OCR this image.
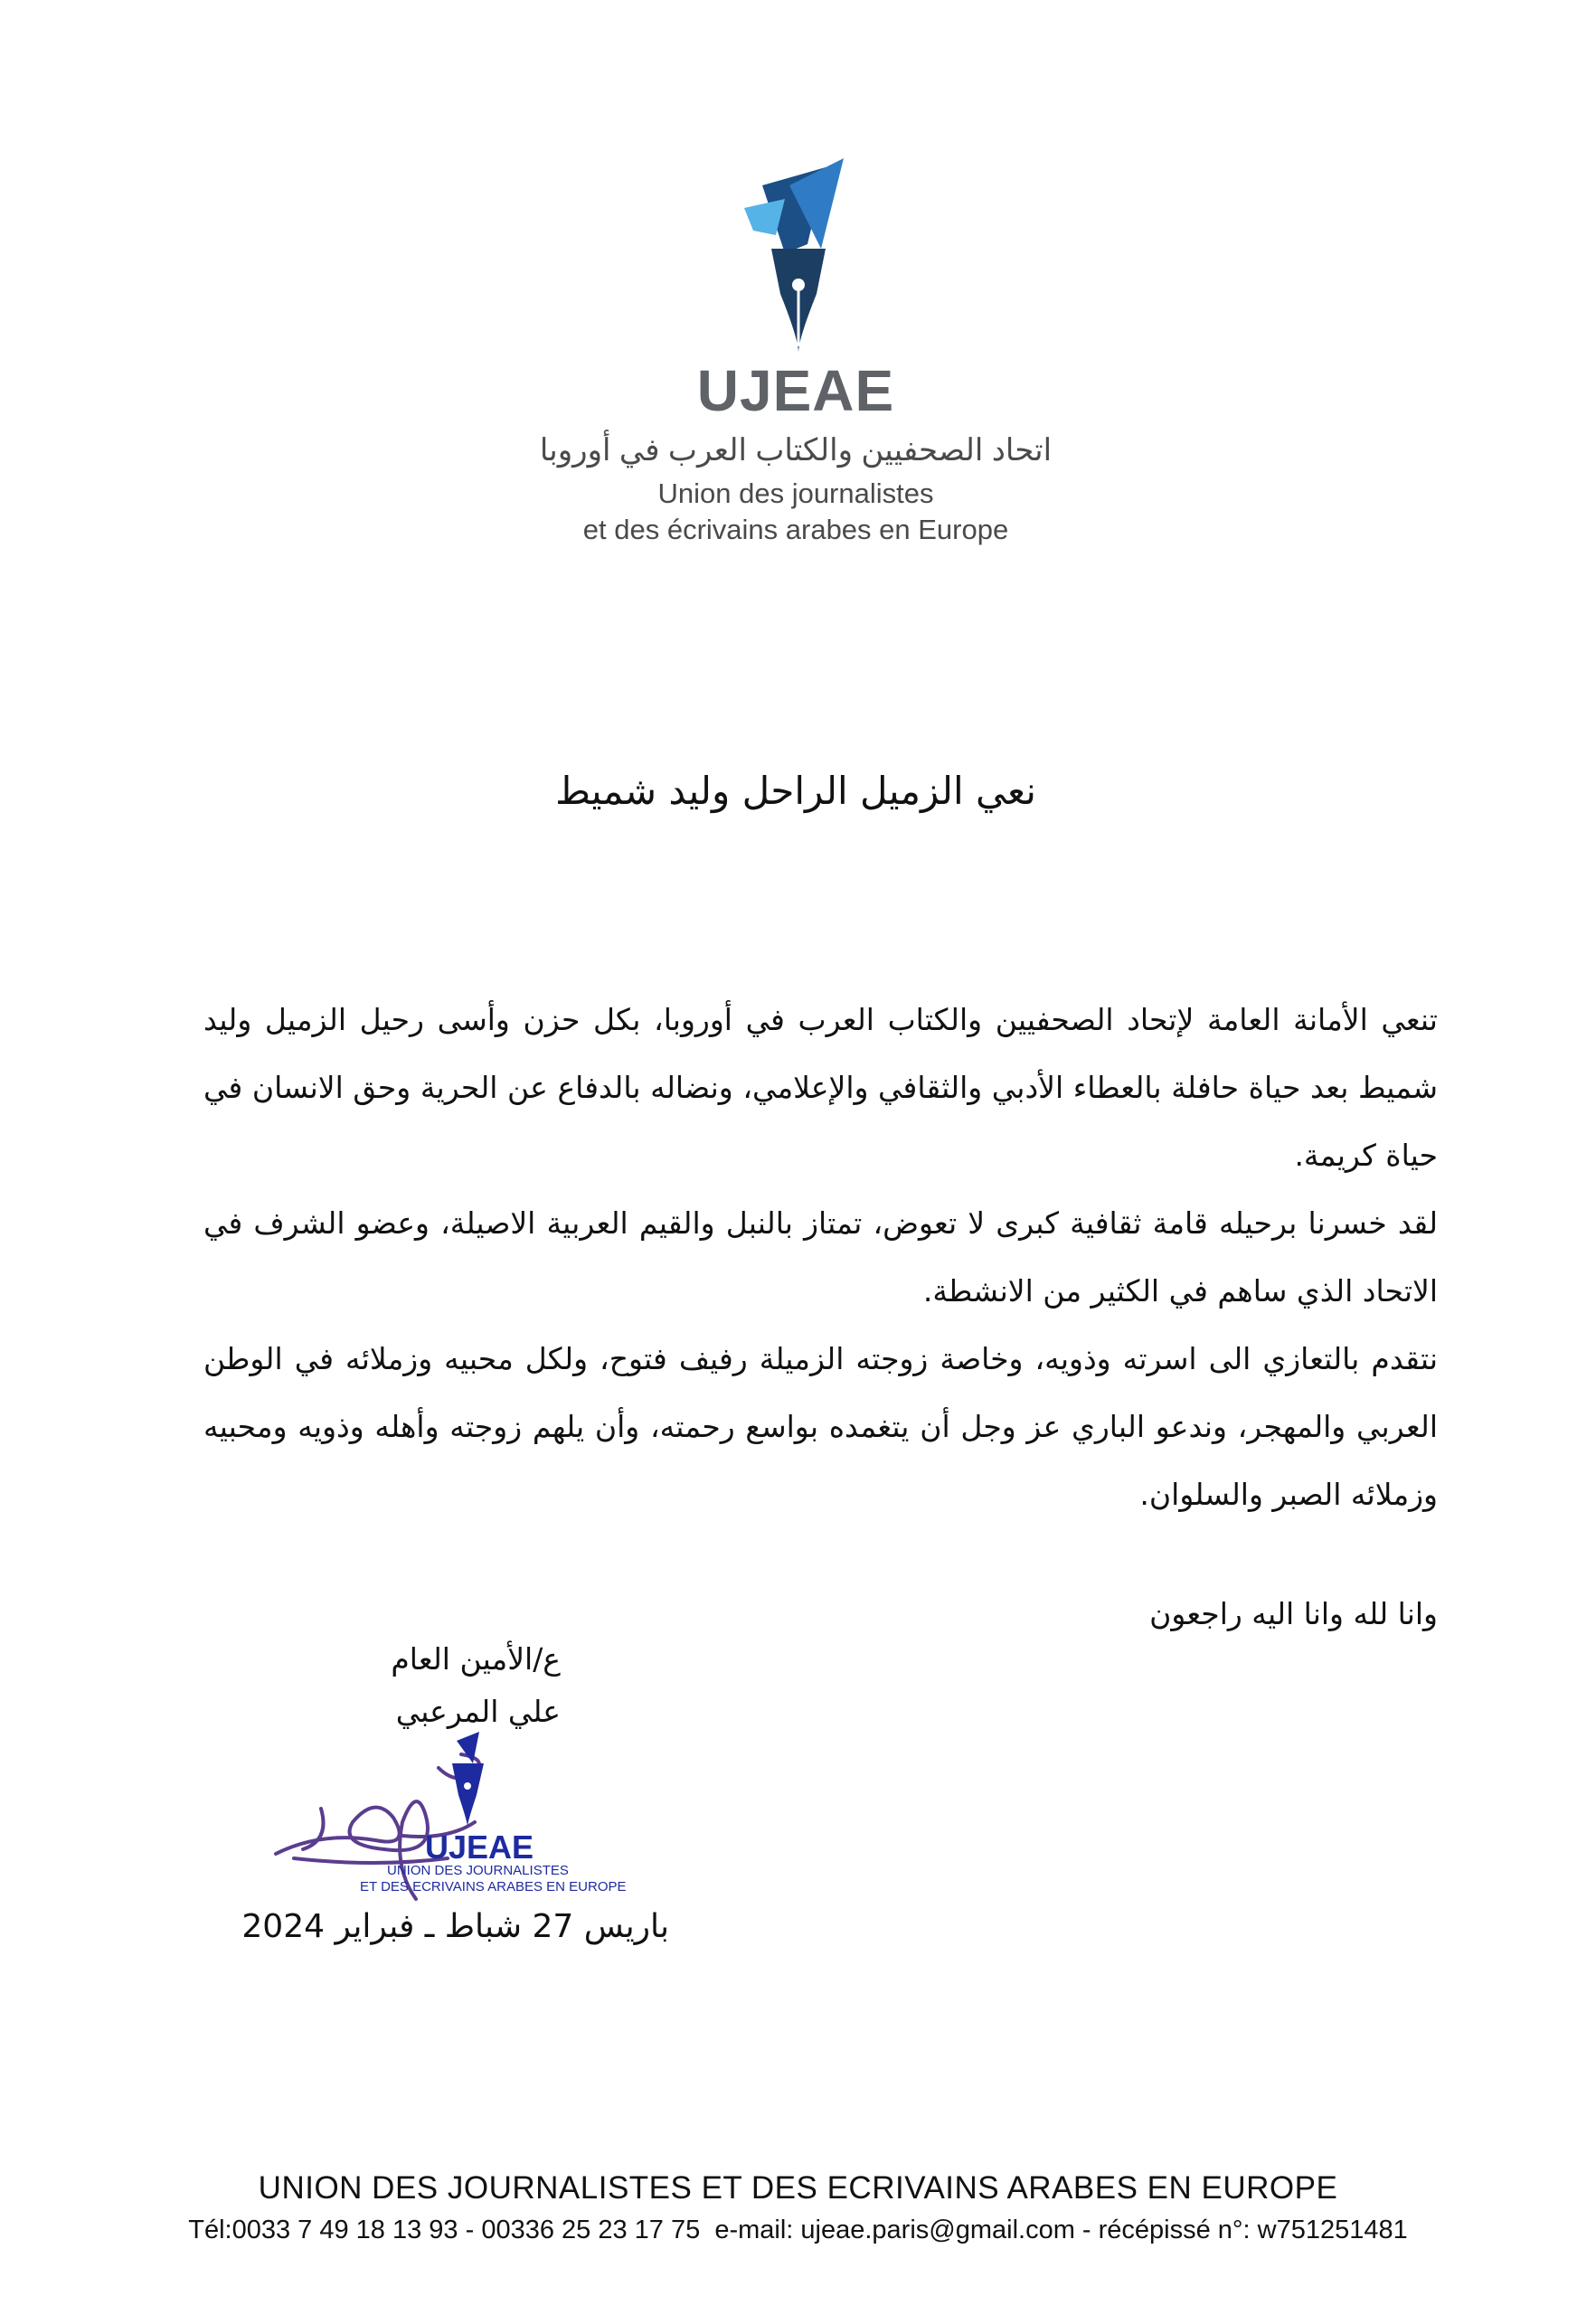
UJEAE
اتحاد الصحفيين والكتاب العرب في أوروبا
Union des journalistes
et des écrivains arabes en Europe
نعي الزميل الراحل وليد شميط

تنعي الأمانة العامة لإتحاد الصحفيين والكتاب العرب في أوروبا، بكل حزن وأسى رحيل الزميل وليد شميط بعد حياة حافلة بالعطاء الأدبي والثقافي والإعلامي، ونضاله بالدفاع عن الحرية وحق الانسان في حياة كريمة.

لقد خسرنا برحيله قامة ثقافية كبرى لا تعوض، تمتاز بالنبل والقيم العربية الاصيلة، وعضو الشرف في الاتحاد الذي ساهم في الكثير من الانشطة.

نتقدم بالتعازي الى اسرته وذويه، وخاصة زوجته الزميلة رفيف فتوح، ولكل محبيه وزملائه في الوطن العربي والمهجر، وندعو الباري عز وجل أن يتغمده بواسع رحمته، وأن يلهم زوجته وأهله وذويه ومحبيه وزملائه الصبر والسلوان.

وانا لله وانا اليه راجعون
ع/الأمين العام
علي المرعبي
UJEAE
UNION DES JOURNALISTES
ET DES ECRIVAINS ARABES EN EUROPE
باريس 27 شباط ـ فبراير 2024
UNION DES JOURNALISTES ET DES ECRIVAINS ARABES EN EUROPE
Tél:0033 7 49 18 13 93 - 00336 25 23 17 75  e-mail: ujeae.paris@gmail.com - récépissé n°: w751251481
